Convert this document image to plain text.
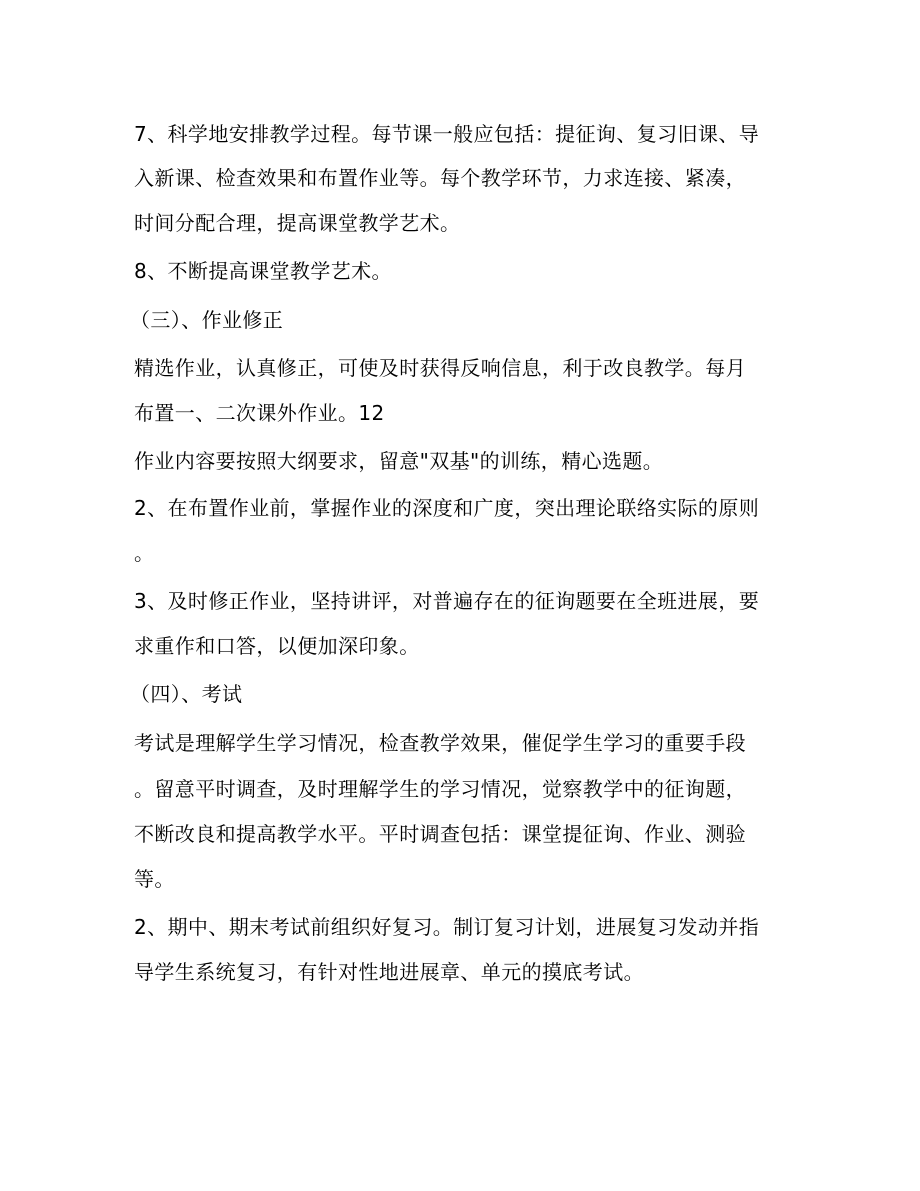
7、科学地安排教学过程。每节课一般应包括：提征询、复习旧课、导
入新课、检查效果和布置作业等。每个教学环节，力求连接、紧凑，
时间分配合理，提高课堂教学艺术。
8、不断提高课堂教学艺术。
（三）、作业修正
精选作业，认真修正，可使及时获得反响信息，利于改良教学。每月
布置一、二次课外作业。12
作业内容要按照大纲要求，留意"双基"的训练，精心选题。
2、在布置作业前，掌握作业的深度和广度，突出理论联络实际的原则
。
3、及时修正作业，坚持讲评，对普遍存在的征询题要在全班进展，要
求重作和口答，以便加深印象。
（四）、考试
考试是理解学生学习情况，检查教学效果，催促学生学习的重要手段
。留意平时调查，及时理解学生的学习情况，觉察教学中的征询题，
不断改良和提高教学水平。平时调查包括：课堂提征询、作业、测验
等。
2、期中、期末考试前组织好复习。制订复习计划，进展复习发动并指
导学生系统复习，有针对性地进展章、单元的摸底考试。
